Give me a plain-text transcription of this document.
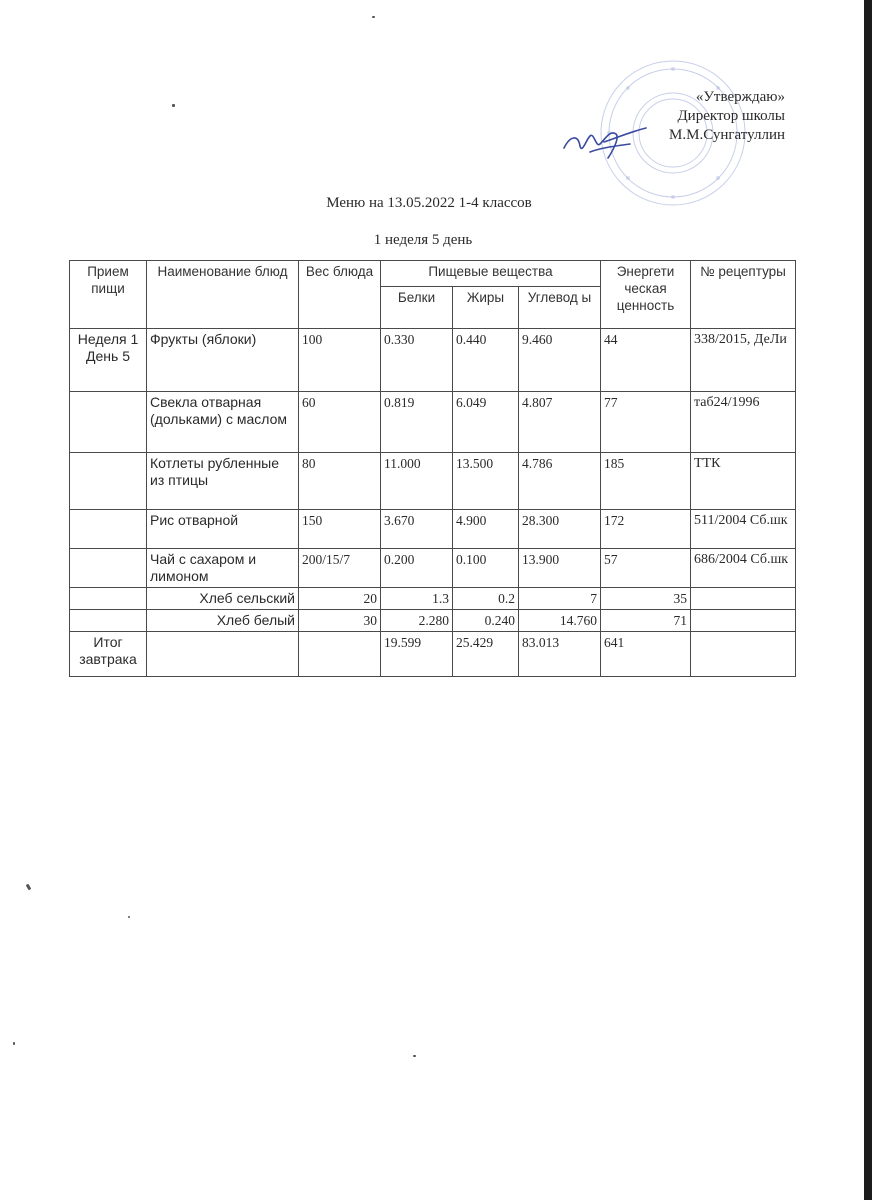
«Утверждаю»
Директор школы
М.М.Сунгатуллин
Меню на 13.05.2022 1-4 классов
1 неделя 5 день
Прием пищи	Наименование блюд	Вес блюда	Пищевые вещества			Энергети ческая ценность	№ рецептуры
			Белки	Жиры	Углевод ы		
Неделя 1 День 5	Фрукты (яблоки)	100	0.330	0.440	9.460	44	338/2015, ДеЛи
	Свекла отварная (дольками) с маслом	60	0.819	6.049	4.807	77	таб24/1996
	Котлеты рубленные из птицы	80	11.000	13.500	4.786	185	ТТК
	Рис отварной	150	3.670	4.900	28.300	172	511/2004 Сб.шк
	Чай с сахаром и лимоном	200/15/7	0.200	0.100	13.900	57	686/2004 Сб.шк
	Хлеб сельский	20	1.3	0.2	7	35	
	Хлеб белый	30	2.280	0.240	14.760	71	
Итог завтрака			19.599	25.429	83.013	641	
